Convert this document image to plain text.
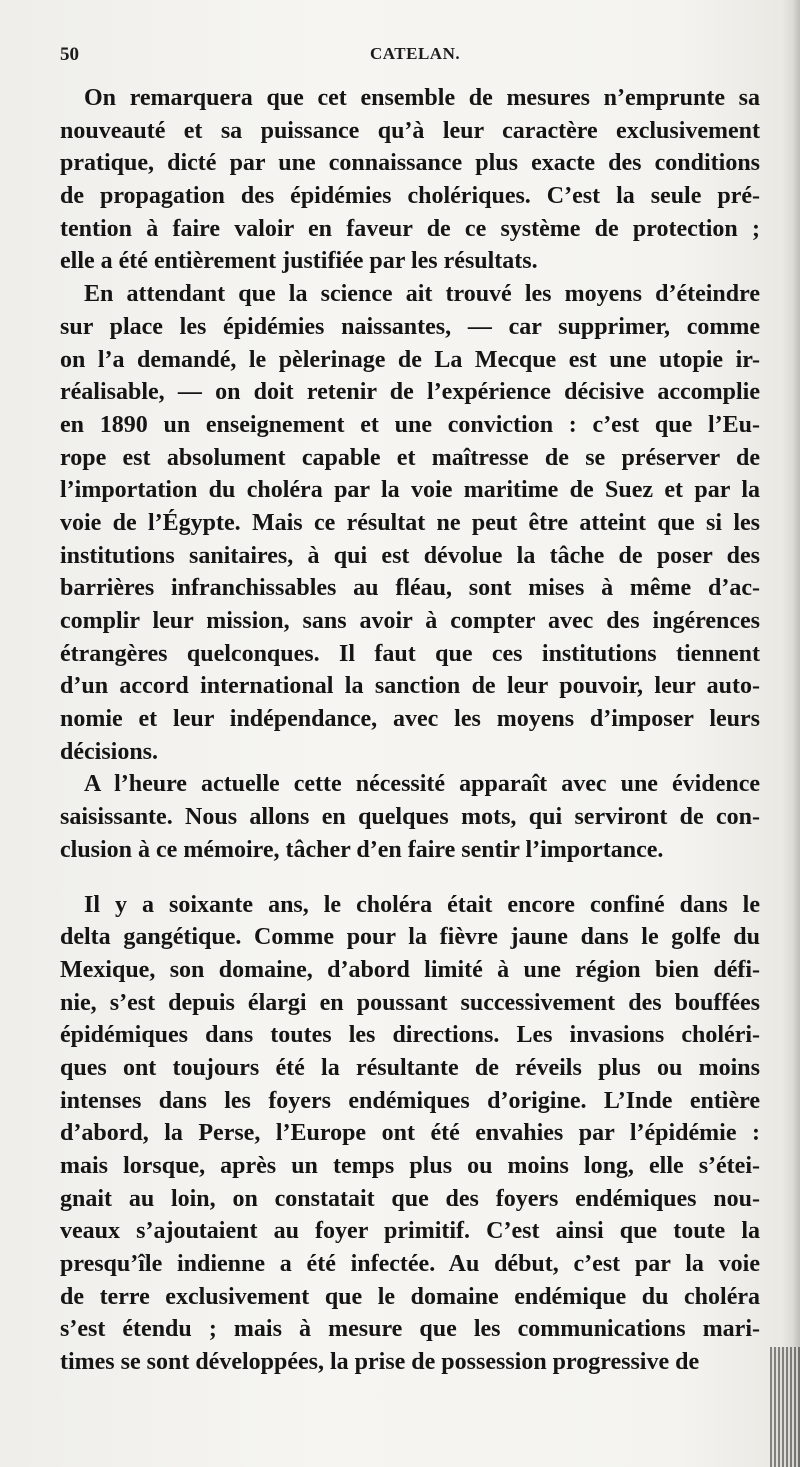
50	CATELAN.
On remarquera que cet ensemble de mesures n’emprunte sa
nouveauté et sa puissance qu’à leur caractère exclusivement
pratique, dicté par une connaissance plus exacte des conditions
de propagation des épidémies cholériques. C’est la seule pré-
tention à faire valoir en faveur de ce système de protection ;
elle a été entièrement justifiée par les résultats.
En attendant que la science ait trouvé les moyens d’éteindre
sur place les épidémies naissantes, — car supprimer, comme
on l’a demandé, le pèlerinage de La Mecque est une utopie ir-
réalisable, — on doit retenir de l’expérience décisive accomplie
en 1890 un enseignement et une conviction : c’est que l’Eu-
rope est absolument capable et maîtresse de se préserver de
l’importation du choléra par la voie maritime de Suez et par la
voie de l’Égypte. Mais ce résultat ne peut être atteint que si les
institutions sanitaires, à qui est dévolue la tâche de poser des
barrières infranchissables au fléau, sont mises à même d’ac-
complir leur mission, sans avoir à compter avec des ingérences
étrangères quelconques. Il faut que ces institutions tiennent
d’un accord international la sanction de leur pouvoir, leur auto-
nomie et leur indépendance, avec les moyens d’imposer leurs
décisions.
A l’heure actuelle cette nécessité apparaît avec une évidence
saisissante. Nous allons en quelques mots, qui serviront de con-
clusion à ce mémoire, tâcher d’en faire sentir l’importance.
Il y a soixante ans, le choléra était encore confiné dans le
delta gangétique. Comme pour la fièvre jaune dans le golfe du
Mexique, son domaine, d’abord limité à une région bien défi-
nie, s’est depuis élargi en poussant successivement des bouffées
épidémiques dans toutes les directions. Les invasions choléri-
ques ont toujours été la résultante de réveils plus ou moins
intenses dans les foyers endémiques d’origine. L’Inde entière
d’abord, la Perse, l’Europe ont été envahies par l’épidémie :
mais lorsque, après un temps plus ou moins long, elle s’étei-
gnait au loin, on constatait que des foyers endémiques nou-
veaux s’ajoutaient au foyer primitif. C’est ainsi que toute la
presqu’île indienne a été infectée. Au début, c’est par la voie
de terre exclusivement que le domaine endémique du choléra
s’est étendu ; mais à mesure que les communications mari-
times se sont développées, la prise de possession progressive de
